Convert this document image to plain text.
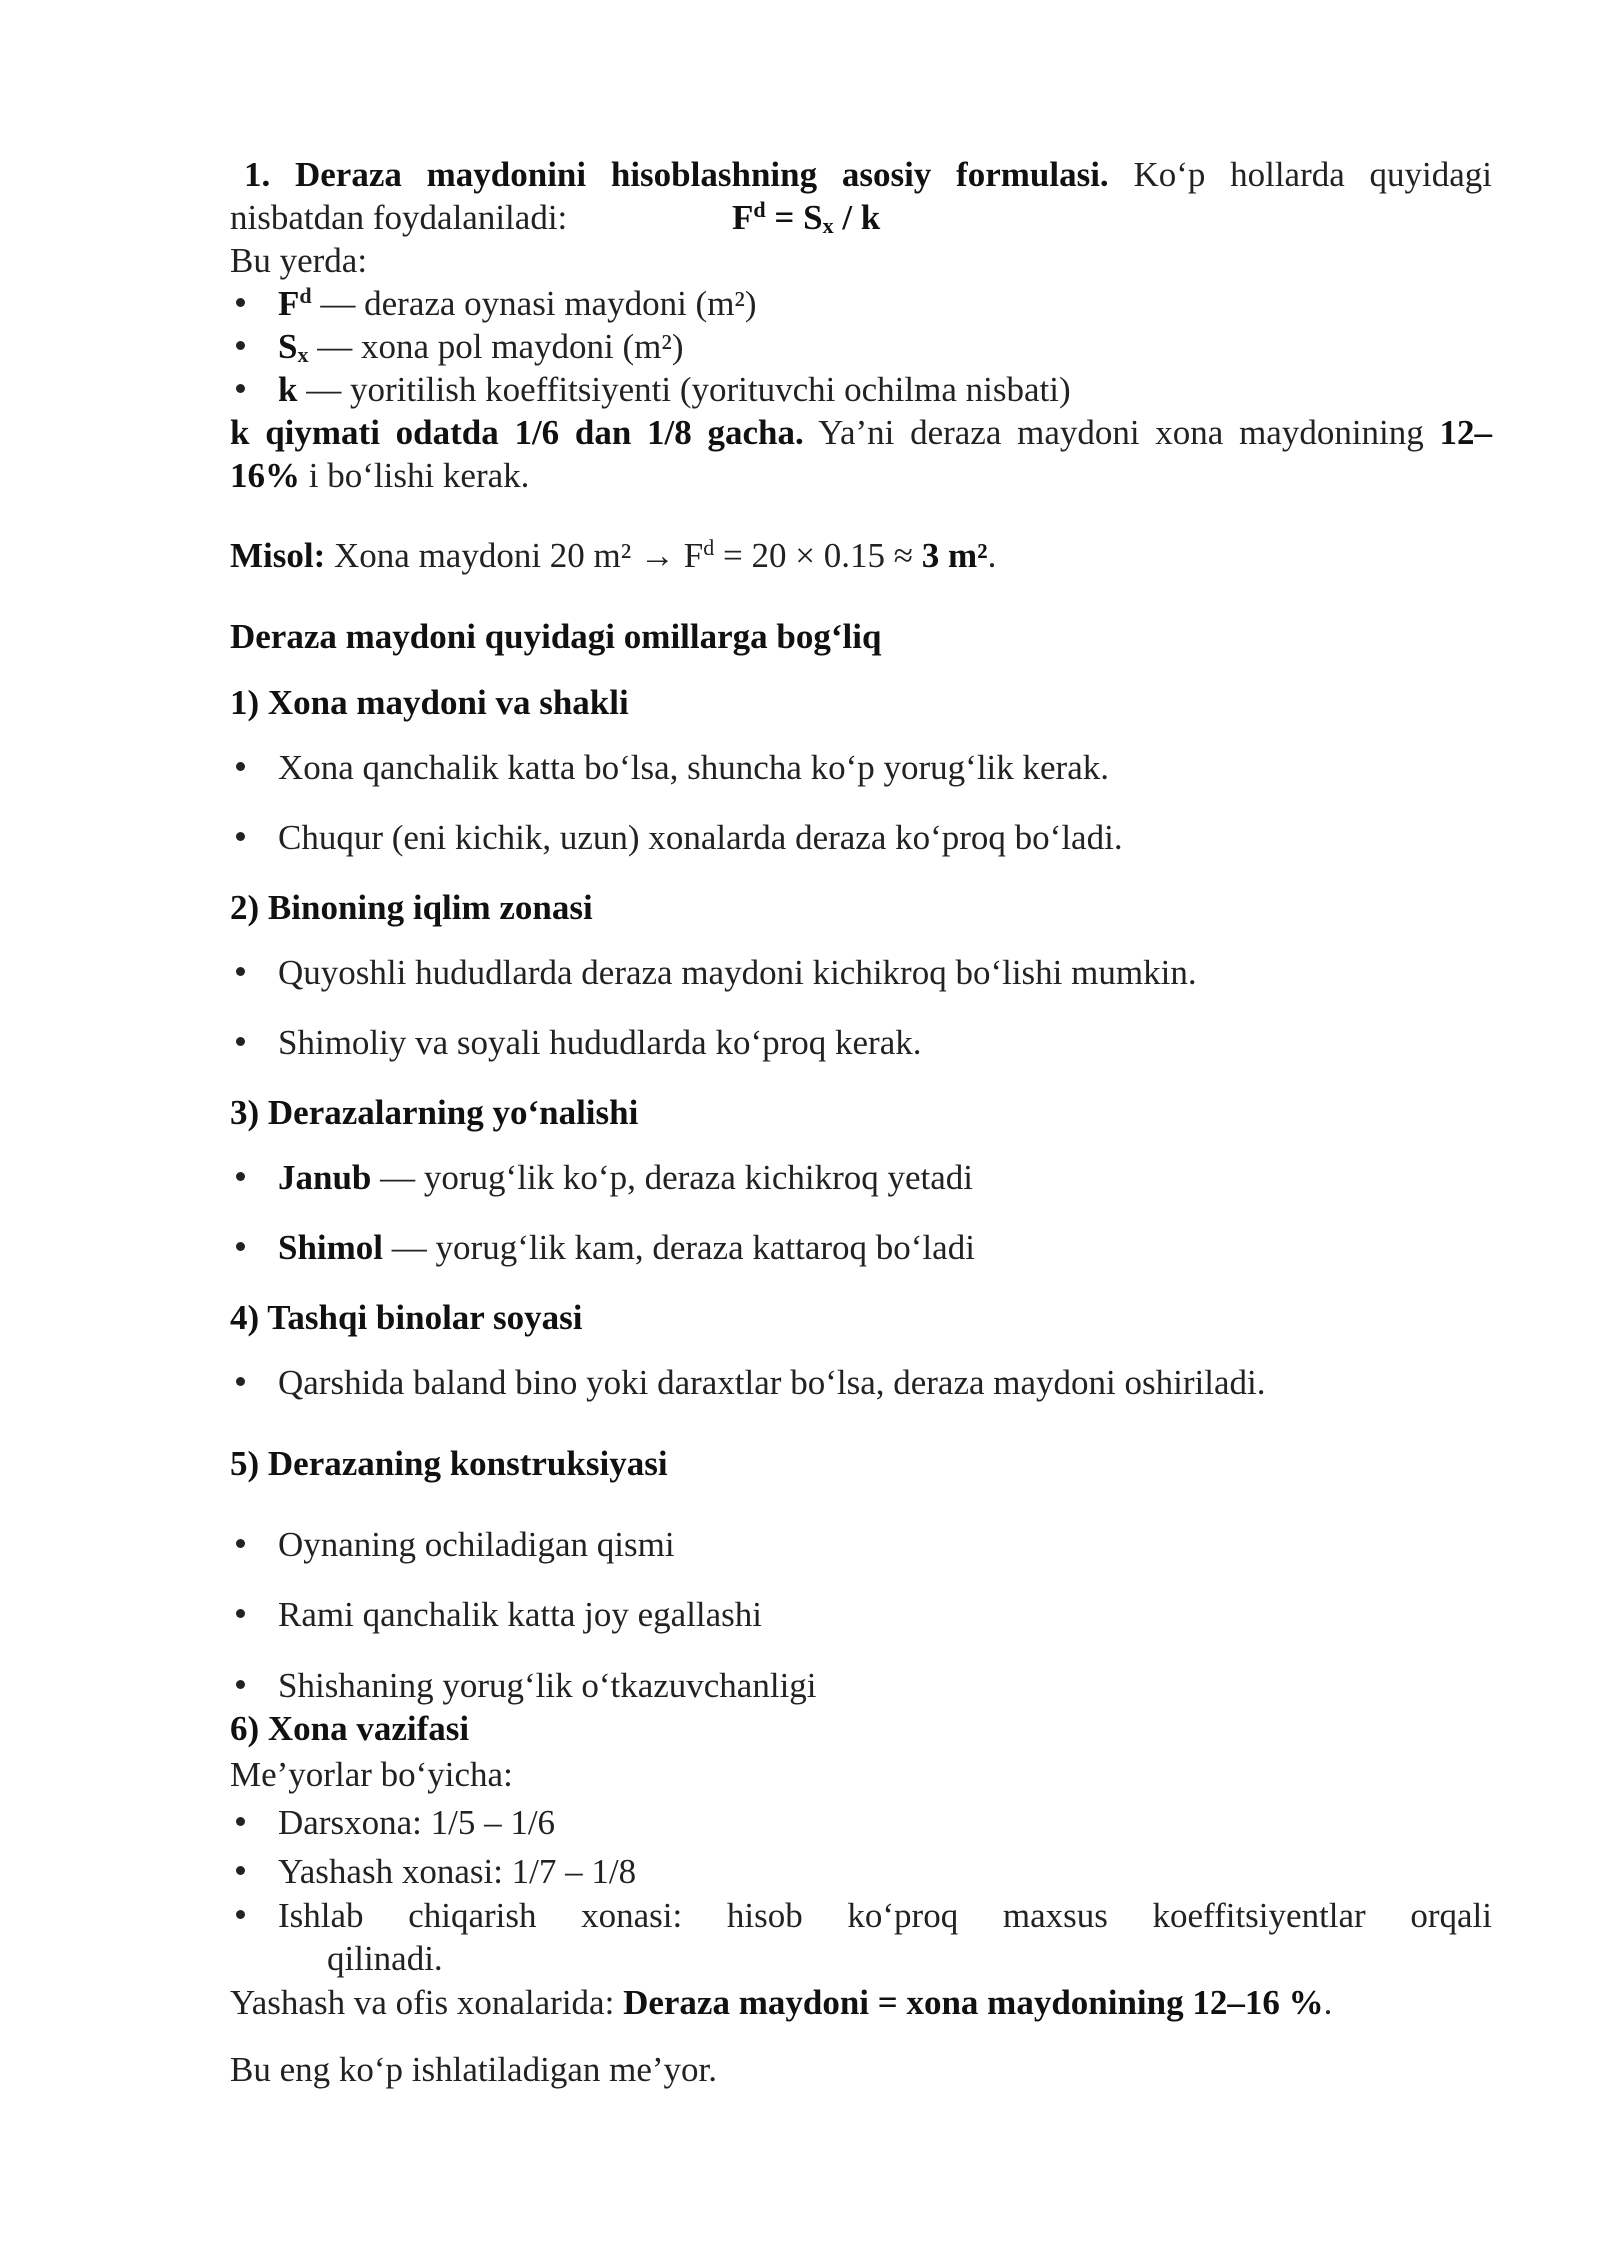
1. Deraza maydonini hisoblashning asosiy formulasi. Ko‘p hollarda quyidagi
nisbatdan foydalaniladi:	$F^d = S_x / k$
Bu yerda:
$F^d$ — deraza oynasi maydoni (m²)
$S_x$ — xona pol maydoni (m²)
k — yoritilish koeffitsiyenti (yorituvchi ochilma nisbati)
k qiymati odatda 1/6 dan 1/8 gacha. Ya’ni deraza maydoni xona maydonining 12–
16% i bo‘lishi kerak.
Misol: Xona maydoni 20 $m^2 \to F^d = 20 \times 0.15 \approx 3$ m².
Deraza maydoni quyidagi omillarga bog‘liq
1) Xona maydoni va shakli
Xona qanchalik katta bo‘lsa, shuncha ko‘p yorug‘lik kerak.
Chuqur (eni kichik, uzun) xonalarda deraza ko‘proq bo‘ladi.
2) Binoning iqlim zonasi
Quyoshli hududlarda deraza maydoni kichikroq bo‘lishi mumkin.
Shimoliy va soyali hududlarda ko‘proq kerak.
3) Derazalarning yo‘nalishi
Janub — yorug‘lik ko‘p, deraza kichikroq yetadi
Shimol — yorug‘lik kam, deraza kattaroq bo‘ladi
4) Tashqi binolar soyasi
Qarshida baland bino yoki daraxtlar bo‘lsa, deraza maydoni oshiriladi.
5) Derazaning konstruksiyasi
Oynaning ochiladigan qismi
Rami qanchalik katta joy egallashi
Shishaning yorug‘lik o‘tkazuvchanligi
6) Xona vazifasi
Me’yorlar bo‘yicha:
Darsxona: 1/5 – 1/6
Yashash xonasi: 1/7 – 1/8
Ishlab chiqarish xonasi: hisob ko‘proq maxsus koeffitsiyentlar orqali
qilinadi.
Yashash va ofis xonalarida: Deraza maydoni = xona maydonining 12–16 %.
Bu eng ko‘p ishlatiladigan me’yor.
